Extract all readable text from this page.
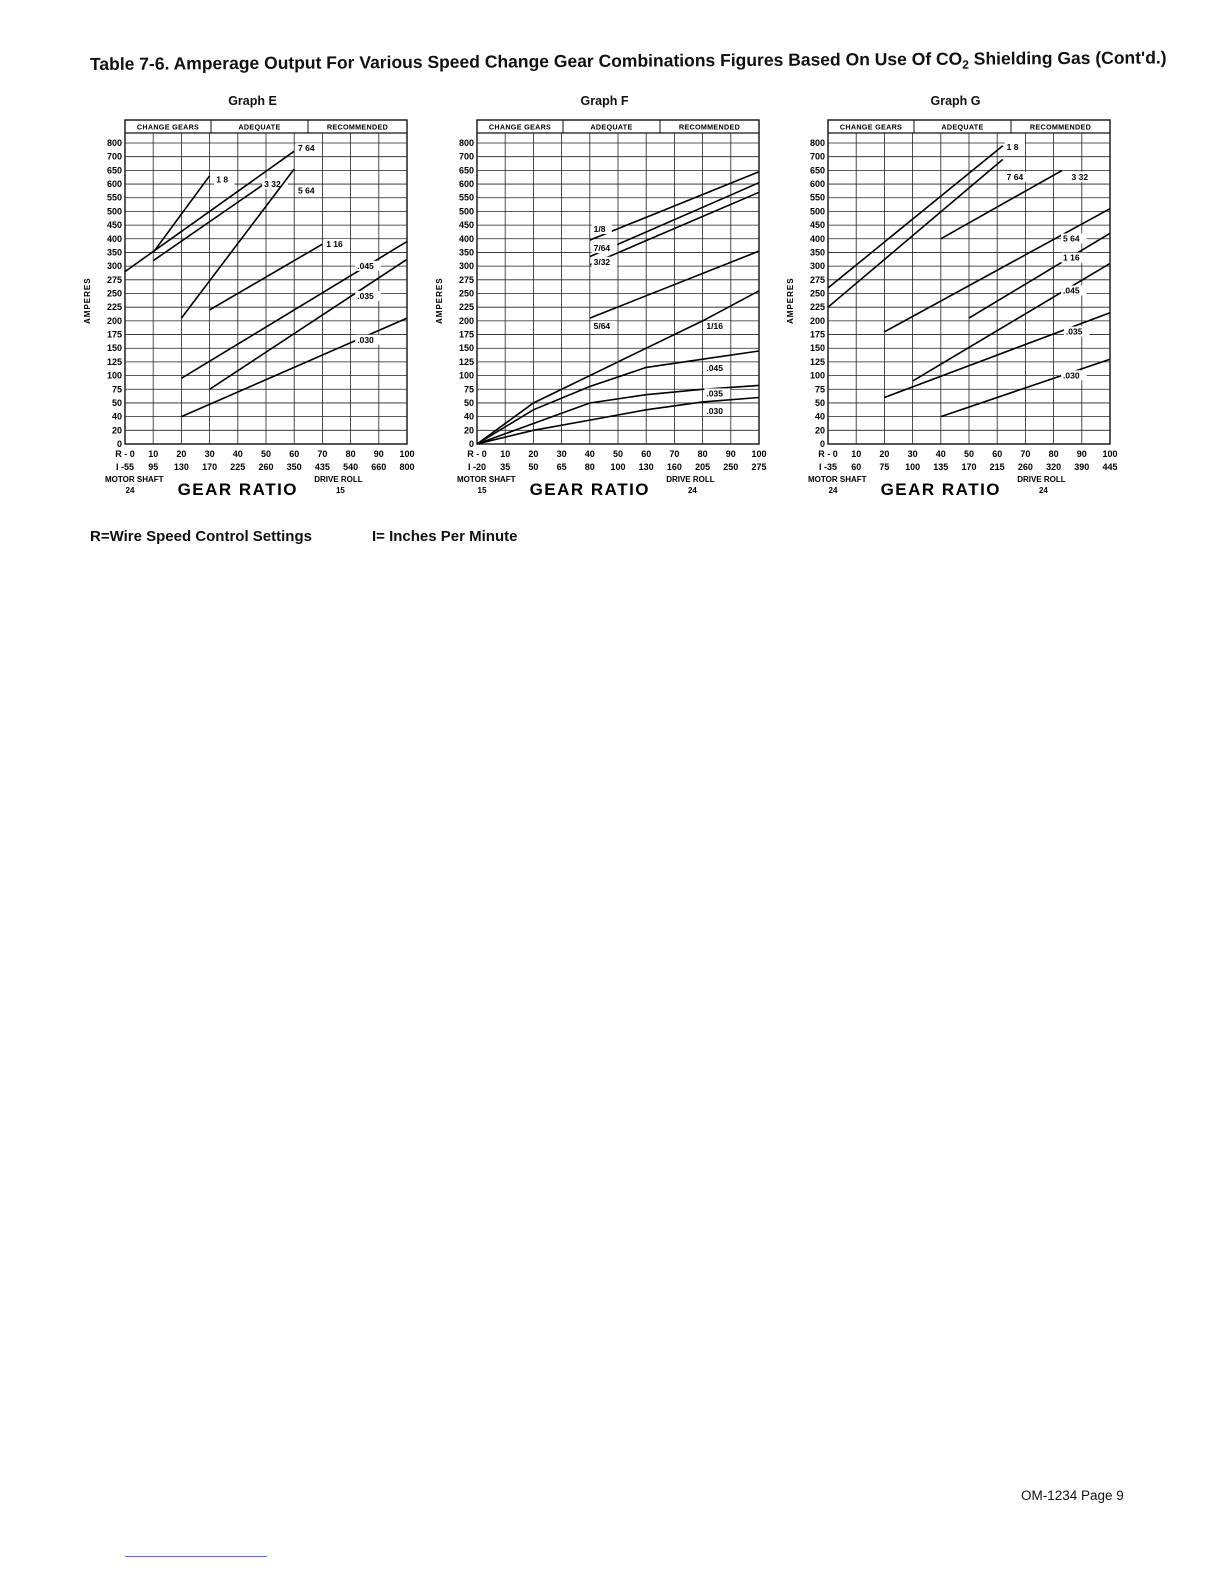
Table 7-6. Amperage Output For Various Speed Change Gear Combinations Figures Based On Use Of $CO_2$ Shielding Gas (Cont'd.)
Graph E
CHANGE GEARS	ADEQUATE	RECOMMENDED
0
20
40
50
75
100
125
150
175
200
225
250
275
300
350
400
450
500
550
600
650
700
800
AMPERES
R - 0 10 20 30 40 50 60 70 80 90 100
I -55 95 130 170 225 260 350 435 540 660 800
MOTOR SHAFT
24
DRIVE ROLL
15
GEAR RATIO
7 64
1 8	3 32
5 64
1 16
.045
.035
.030
Graph F
CHANGE GEARS	ADEQUATE	RECOMMENDED
0
20
40
50
75
100
125
150
175
200
225
250
275
300
350
400
450
500
550
600
650
700
800
AMPERES
R - 0 10 20 30 40 50 60 70 80 90 100
I -20 35 50 65 80 100 130 160 205 250 275
MOTOR SHAFT
15
DRIVE ROLL
24
GEAR RATIO
1/8
7/64
3/32
5/64	1/16
.045
.035
.030
Graph G
CHANGE GEARS	ADEQUATE	RECOMMENDED
0
20
40
50
75
100
125
150
175
200
225
250
275
300
350
400
450
500
550
600
650
700
800
AMPERES
R - 0 10 20 30 40 50 60 70 80 90 100
I -35 60 75 100 135 170 215 260 320 390 445
MOTOR SHAFT
24
DRIVE ROLL
24
GEAR RATIO
1 8
7 64	3 32
5 64
1 16
.045
.035
.030
R=Wire Speed Control Settings	I= Inches Per Minute
OM-1234 Page 9
